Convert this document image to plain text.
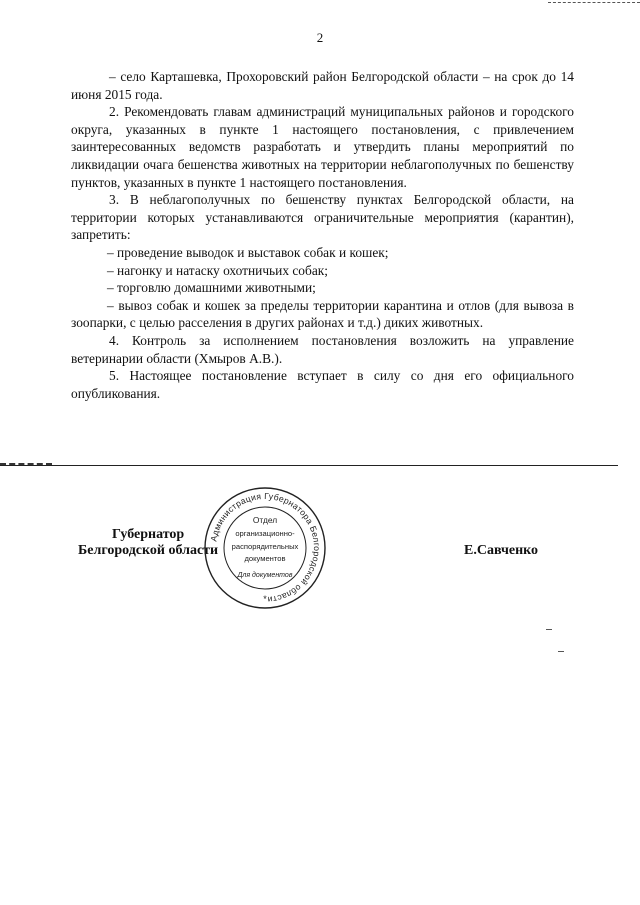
2

– село Карташевка, Прохоровский район Белгородской области – на срок до 14 июня 2015 года.

2. Рекомендовать главам администраций муниципальных районов и городского округа, указанных в пункте 1 настоящего постановления, с привлечением заинтересованных ведомств разработать и утвердить планы мероприятий по ликвидации очага бешенства животных на территории неблагополучных по бешенству пунктов, указанных в пункте 1 настоящего постановления.

3. В неблагополучных по бешенству пунктах Белгородской области, на территории которых устанавливаются ограничительные мероприятия (карантин), запретить:

– проведение выводок и выставок собак и кошек;

– нагонку и натаску охотничьих собак;

– торговлю домашними животными;

– вывоз собак и кошек за пределы территории карантина и отлов (для вывоза в зоопарки, с целью расселения в других районах и т.д.) диких животных.

4. Контроль за исполнением постановления возложить на управление ветеринарии области (Хмыров А.В.).

5. Настоящее постановление вступает в силу со дня его официального опубликования.

Губернатор
Белгородской области	Е.Савченко
Администрация Губернатора Белгородской области
Отдел
организационно-
распорядительных
документов
Для документов
*
